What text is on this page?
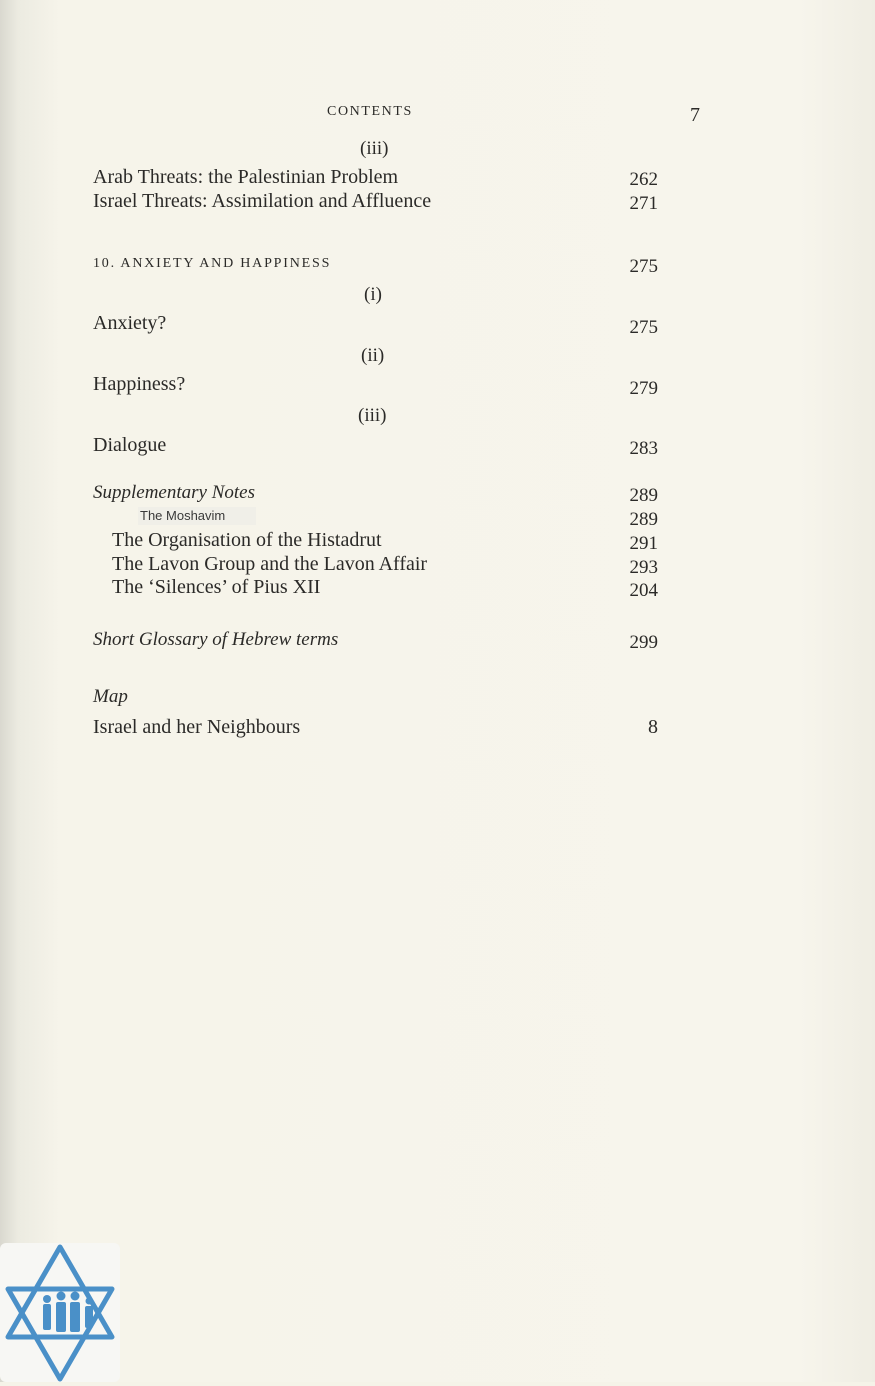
CONTENTS	7
(iii)
Arab Threats: the Palestinian Problem	262
Israel Threats: Assimilation and Affluence	271
10. ANXIETY AND HAPPINESS	275
(i)
Anxiety?	275
(ii)
Happiness?	279
(iii)
Dialogue	283
Supplementary Notes	289
The Moshavim	289
The Organisation of the Histadrut	291
The Lavon Group and the Lavon Affair	293
The ‘Silences’ of Pius XII	204
Short Glossary of Hebrew terms	299
Map
Israel and her Neighbours	8
